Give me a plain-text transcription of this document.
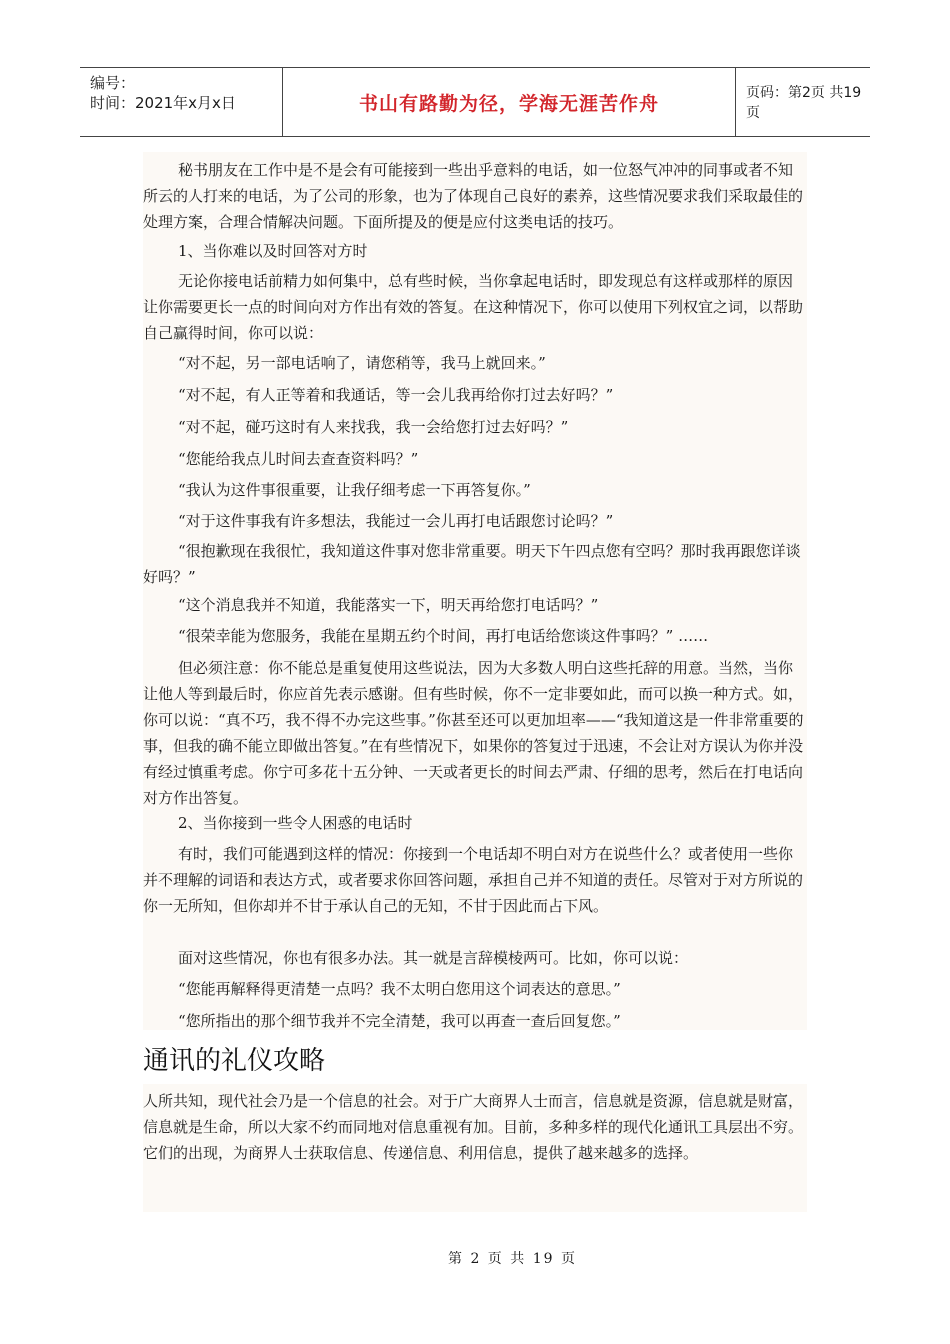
编号：
时间：2021年x月x日	书山有路勤为径，学海无涯苦作舟	页码：第2页 共19页

秘书朋友在工作中是不是会有可能接到一些出乎意料的电话，如一位怒气冲冲的同事或者不知所云的人打来的电话，为了公司的形象，也为了体现自己良好的素养，这些情况要求我们采取最佳的处理方案，合理合情解决问题。下面所提及的便是应付这类电话的技巧。

1、当你难以及时回答对方时

无论你接电话前精力如何集中，总有些时候，当你拿起电话时，即发现总有这样或那样的原因让你需要更长一点的时间向对方作出有效的答复。在这种情况下，你可以使用下列权宜之词，以帮助自己赢得时间，你可以说：

“对不起，另一部电话响了，请您稍等，我马上就回来。”

“对不起，有人正等着和我通话，等一会儿我再给你打过去好吗？”

“对不起，碰巧这时有人来找我，我一会给您打过去好吗？”

“您能给我点儿时间去查查资料吗？”

“我认为这件事很重要，让我仔细考虑一下再答复你。”

“对于这件事我有许多想法，我能过一会儿再打电话跟您讨论吗？”

“很抱歉现在我很忙，我知道这件事对您非常重要。明天下午四点您有空吗？那时我再跟您详谈好吗？”

“这个消息我并不知道，我能落实一下，明天再给您打电话吗？”

“很荣幸能为您服务，我能在星期五约个时间，再打电话给您谈这件事吗？” ……

但必须注意：你不能总是重复使用这些说法，因为大多数人明白这些托辞的用意。当然，当你让他人等到最后时，你应首先表示感谢。但有些时候，你不一定非要如此，而可以换一种方式。如，你可以说：“真不巧，我不得不办完这些事。”你甚至还可以更加坦率——“我知道这是一件非常重要的事，但我的确不能立即做出答复。”在有些情况下，如果你的答复过于迅速，不会让对方误认为你并没有经过慎重考虑。你宁可多花十五分钟、一天或者更长的时间去严肃、仔细的思考，然后在打电话向对方作出答复。

2、当你接到一些令人困惑的电话时

有时，我们可能遇到这样的情况：你接到一个电话却不明白对方在说些什么？或者使用一些你并不理解的词语和表达方式，或者要求你回答问题，承担自己并不知道的责任。尽管对于对方所说的你一无所知，但你却并不甘于承认自己的无知，不甘于因此而占下风。

面对这些情况，你也有很多办法。其一就是言辞模棱两可。比如，你可以说：

“您能再解释得更清楚一点吗？我不太明白您用这个词表达的意思。”

“您所指出的那个细节我并不完全清楚，我可以再查一查后回复您。”

通讯的礼仪攻略

人所共知，现代社会乃是一个信息的社会。对于广大商界人士而言，信息就是资源，信息就是财富，信息就是生命，所以大家不约而同地对信息重视有加。目前，多种多样的现代化通讯工具层出不穷。它们的出现，为商界人士获取信息、传递信息、利用信息，提供了越来越多的选择。

第 2 页 共 19 页
